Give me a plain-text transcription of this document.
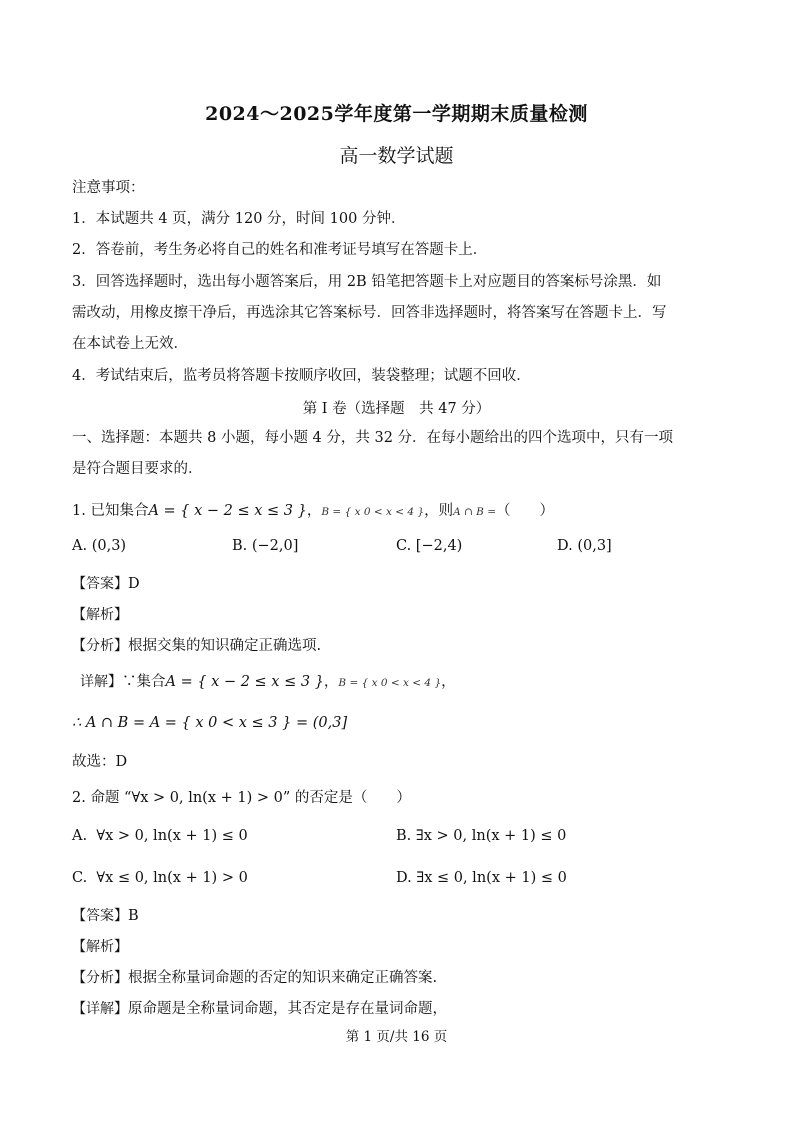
2024～2025学年度第一学期期末质量检测
高一数学试题
注意事项：
1．本试题共 4 页，满分 120 分，时间 100 分钟．
2．答卷前，考生务必将自己的姓名和准考证号填写在答题卡上．
3．回答选择题时，选出每小题答案后，用 2B 铅笔把答题卡上对应题目的答案标号涂黑．如
需改动，用橡皮擦干净后，再选涂其它答案标号．回答非选择题时，将答案写在答题卡上．写
在本试卷上无效．
4．考试结束后，监考员将答题卡按顺序收回，装袋整理；试题不回收．
第 I 卷（选择题　共 47 分）
一、选择题：本题共 8 小题，每小题 4 分，共 32 分．在每小题给出的四个选项中，只有一项
是符合题目要求的．
1. 已知集合A = { x − 2 ≤ x ≤ 3 }，B = { x 0 < x < 4 }，则A ∩ B =（　　）
A. (0,3)	B. (−2,0]	C. [−2,4)	D. (0,3]
【答案】D
【解析】
【分析】根据交集的知识确定正确选项.
详解】∵集合A = { x − 2 ≤ x ≤ 3 }，B = { x 0 < x < 4 }，
∴ A ∩ B = A = { x 0 < x ≤ 3 } = (0,3]
故选：D
2. 命题 “∀x > 0, ln(x + 1) > 0” 的否定是（　　）
A. ∀x > 0, ln(x + 1) ≤ 0	B. ∃x > 0, ln(x + 1) ≤ 0
C. ∀x ≤ 0, ln(x + 1) > 0	D. ∃x ≤ 0, ln(x + 1) ≤ 0
【答案】B
【解析】
【分析】根据全称量词命题的否定的知识来确定正确答案.
【详解】原命题是全称量词命题，其否定是存在量词命题，
第 1 页/共 16 页
